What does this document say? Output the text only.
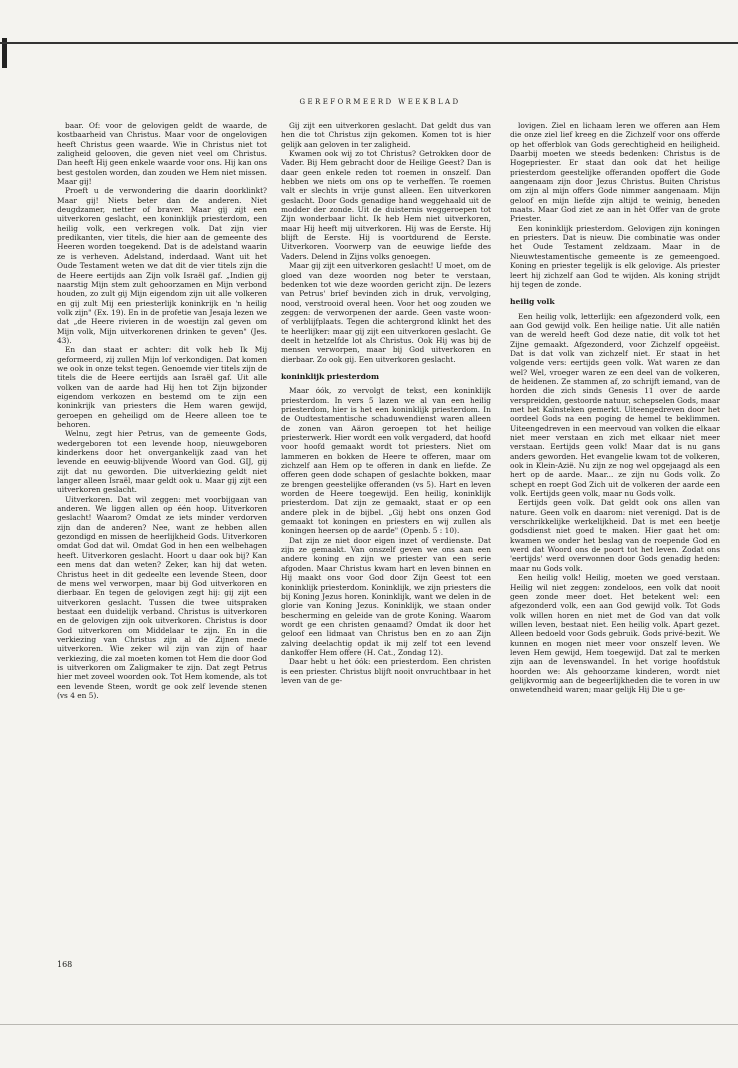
GEREFORMEERD WEEKBLAD

baar. Of: voor de gelovigen geldt de waarde, de kostbaarheid van Christus. Maar voor de ongelovigen heeft Christus geen waarde. Wie in Christus niet tot zaligheid gelooven, die geven niet veel om Christus. Dan heeft Hij geen enkele waarde voor ons. Hij kan ons best gestolen worden, dan zouden we Hem niet missen. Maar gij!

Proeft u de verwondering die daarin doorklinkt? Maar gij! Niets beter dan de anderen. Niet deugdzamer, netter of braver. Maar gij zijt een uitverkoren geslacht, een koninklijk priesterdom, een heilig volk, een verkregen volk. Dat zijn vier predikanten, vier titels, die hier aan de gemeente des Heeren worden toegekend. Dat is de adelstand waarin ze is verheven. Adelstand, inderdaad. Want uit het Oude Testament weten we dat dit de vier titels zijn die de Heere eertijds aan Zijn volk Israël gaf. „Indien gij naarstig Mijn stem zult gehoorzamen en Mijn verbond houden, zo zult gij Mijn eigendom zijn uit alle volkeren en gij zult Mij een priesterlijk koninkrijk en 'n heilig volk zijn" (Ex. 19). En in de profetie van Jesaja lezen we dat „de Heere rivieren in de woestijn zal geven om Mijn volk, Mijn uitverkorenen drinken te geven" (Jes. 43).

En dan staat er achter: dit volk heb Ik Mij geformeerd, zij zullen Mijn lof verkondigen. Dat komen we ook in onze tekst tegen. Genoemde vier titels zijn de titels die de Heere eertijds aan Israël gaf. Uit alle volken van de aarde had Hij hen tot Zijn bijzonder eigendom verkozen en bestemd om te zijn een koninkrijk van priesters die Hem waren gewijd, geroepen en geheiligd om de Heere alleen toe te behoren.

Welnu, zegt hier Petrus, van de gemeente Gods, wedergeboren tot een levende hoop, nieuwgeboren kinderkens door het onvergankelijk zaad van het levende en eeuwig-blijvende Woord van God. GIJ, gij zijt dat nu geworden. Die uitverkiezing geldt niet langer alleen Israël, maar geldt ook u. Maar gij zijt een uitverkoren geslacht.

Uitverkoren. Dat wil zeggen: met voorbijgaan van anderen. We liggen allen op één hoop. Uitverkoren geslacht! Waarom? Omdat ze iets minder verdorven zijn dan de anderen? Nee, want ze hebben allen gezondigd en missen de heerlijkheid Gods. Uitverkoren omdat God dat wil. Omdat God in hen een welbehagen heeft. Uitverkoren geslacht. Hoort u daar ook bij? Kan een mens dat dan weten? Zeker, kan hij dat weten. Christus heet in dit gedeelte een levende Steen, door de mens wel verworpen, maar bij God uitverkoren en dierbaar. En tegen de gelovigen zegt hij: gij zijt een uitverkoren geslacht. Tussen die twee uitspraken bestaat een duidelijk verband. Christus is uitverkoren en de gelovigen zijn ook uitverkoren. Christus is door God uitverkoren om Middelaar te zijn. En in die verkiezing van Christus zijn al de Zijnen mede uitverkoren. Wie zeker wil zijn van zijn of haar verkiezing, die zal moeten komen tot Hem die door God is uitverkoren om Zaligmaker te zijn. Dat zegt Petrus hier met zoveel woorden ook. Tot Hem komende, als tot een levende Steen, wordt ge ook zelf levende stenen (vs 4 en 5).

Gij zijt een uitverkoren geslacht. Dat geldt dus van hen die tot Christus zijn gekomen. Komen tot is hier gelijk aan geloven in ter zaligheid.

Kwamen ook wij zo tot Christus? Getrokken door de Vader. Bij Hem gebracht door de Heilige Geest? Dan is daar geen enkele reden tot roemen in onszelf. Dan hebben we niets om ons op te verheffen. Te roemen valt er slechts in vrije gunst alleen. Een uitverkoren geslacht. Door Gods genadige hand weggehaald uit de modder der zonde. Uit de duisternis weggeroepen tot Zijn wonderbaar licht. Ik heb Hem niet uitverkoren, maar Hij heeft mij uitverkoren. Hij was de Eerste. Hij blijft de Eerste. Hij is voortdurend de Eerste. Uitverkoren. Voorwerp van de eeuwige liefde des Vaders. Delend in Zijns volks genoegen.

Maar gij zijt een uitverkoren geslacht! U moet, om de gloed van deze woorden nog beter te verstaan, bedenken tot wie deze woorden gericht zijn. De lezers van Petrus' brief bevinden zich in druk, vervolging, nood, verstrooid overal heen. Voor het oog zouden we zeggen: de verworpenen der aarde. Geen vaste woon- of verblijfplaats. Tegen die achtergrond klinkt het des te heerlijker: maar gij zijt een uitverkoren geslacht. Ge deelt in hetzelfde lot als Christus. Ook Hij was bij de mensen verworpen, maar bij God uitverkoren en dierbaar. Zo ook gij. Een uitverkoren geslacht.

koninklijk priesterdom

Maar óók, zo vervolgt de tekst, een koninklijk priesterdom. In vers 5 lazen we al van een heilig priesterdom, hier is het een koninklijk priesterdom. In de Oudtestamentische schaduwendienst waren alleen de zonen van Aäron geroepen tot het heilige priesterwerk. Hier wordt een volk vergaderd, dat hoofd voor hoofd gemaakt wordt tot priesters. Niet om lammeren en bokken de Heere te offeren, maar om zichzelf aan Hem op te offeren in dank en liefde. Ze offeren geen dode schapen of geslachte bokken, maar ze brengen geestelijke offeranden (vs 5). Hart en leven worden de Heere toegewijd. Een heilig, koninklijk priesterdom. Dat zijn ze gemaakt, staat er op een andere plek in de bijbel. „Gij hebt ons onzen God gemaakt tot koningen en priesters en wij zullen als koningen heersen op de aarde" (Openb. 5 : 10).

Dat zijn ze niet door eigen inzet of verdienste. Dat zijn ze gemaakt. Van onszelf geven we ons aan een andere koning en zijn we priester van een serie afgoden. Maar Christus kwam hart en leven binnen en Hij maakt ons voor God door Zijn Geest tot een koninklijk priesterdom. Koninklijk, we zijn priesters die bij Koning Jezus horen. Koninklijk, want we delen in de glorie van Koning Jezus. Koninklijk, we staan onder bescherming en geleide van de grote Koning. Waarom wordt ge een christen genaamd? Omdat ik door het geloof een lidmaat van Christus ben en zo aan Zijn zalving deelachtig opdat ik mij zelf tot een levend dankoffer Hem offere (H. Cat., Zondag 12).

Daar hebt u het óók: een priesterdom. Een christen is een priester. Christus blijft nooit onvruchtbaar in het leven van de ge-

lovigen. Ziel en lichaam leren we offeren aan Hem die onze ziel lief kreeg en die Zichzelf voor ons offerde op het offerblok van Gods gerechtigheid en heiligheid. Daarbij moeten we steeds bedenken: Christus is de Hogepriester. Er staat dan ook dat het heilige priesterdom geestelijke offeranden opoffert die Gode aangenaam zijn door Jezus Christus. Buiten Christus om zijn al mijn offers Gode nimmer aangenaam. Mijn geloof en mijn liefde zijn altijd te weinig, beneden maats. Maar God ziet ze aan in hèt Offer van de grote Priester.

Een koninklijk priesterdom. Gelovigen zijn koningen en priesters. Dat is nieuw. Die combinatie was onder het Oude Testament zeldzaam. Maar in de Nieuwtestamentische gemeente is ze gemeengoed. Koning en priester tegelijk is elk gelovige. Als priester leert hij zichzelf aan God te wijden. Als koning strijdt hij tegen de zonde.

heilig volk

Een heilig volk, letterlijk: een afgezonderd volk, een aan God gewijd volk. Een heilige natie. Uit alle natiën van de wereld heeft God deze natie, dit volk tot het Zijne gemaakt. Afgezonderd, voor Zichzelf opgeëist. Dat is dat volk van zichzelf niet. Er staat in het volgende vers: eertijds geen volk. Wat waren ze dan wel? Wel, vroeger waren ze een deel van de volkeren, de heidenen. Ze stammen af, zo schrijft iemand, van de horden die zich sinds Genesis 11 over de aarde verspreidden, gestoorde natuur, schepselen Gods, maar met het Kaïnsteken gemerkt. Uiteengedreven door het oordeel Gods na een poging de hemel te beklimmen. Uiteengedreven in een meervoud van volken die elkaar niet meer verstaan en zich met elkaar niet meer verstaan. Eertijds geen volk! Maar dat is nu gans anders geworden. Het evangelie kwam tot de volkeren, ook in Klein-Azië. Nu zijn ze nog wel opgejaagd als een hert op de aarde. Maar... ze zijn nu Gods volk. Zo schept en roept God Zich uit de volkeren der aarde een volk. Eertijds geen volk, maar nu Gods volk.

Eertijds geen volk. Dat geldt ook ons allen van nature. Geen volk en daarom: niet verenigd. Dat is de verschrikkelijke werkelijkheid. Dat is met een beetje godsdienst niet goed te maken. Hier gaat het om: kwamen we onder het beslag van de roepende God en werd dat Woord ons de poort tot het leven. Zodat ons 'eertijds' werd overwonnen door Gods genadig heden: maar nu Gods volk.

Een heilig volk! Heilig, moeten we goed verstaan. Heilig wil niet zeggen: zondeloos, een volk dat nooit geen zonde meer doet. Het betekent wel: een afgezonderd volk, een aan God gewijd volk. Tot Gods volk willen horen en niet met de God van dat volk willen leven, bestaat niet. Een heilig volk. Apart gezet. Alleen bedoeld voor Gods gebruik. Gods privé-bezit. We kunnen en mogen niet meer voor onszelf leven. We leven Hem gewijd, Hem toegewijd. Dat zal te merken zijn aan de levenswandel. In het vorige hoofdstuk hoorden we: Als gehoorzame kinderen, wordt niet gelijkvormig aan de begeerlijkheden die te voren in uw onwetendheid waren; maar gelijk Hij Die u ge-

168
